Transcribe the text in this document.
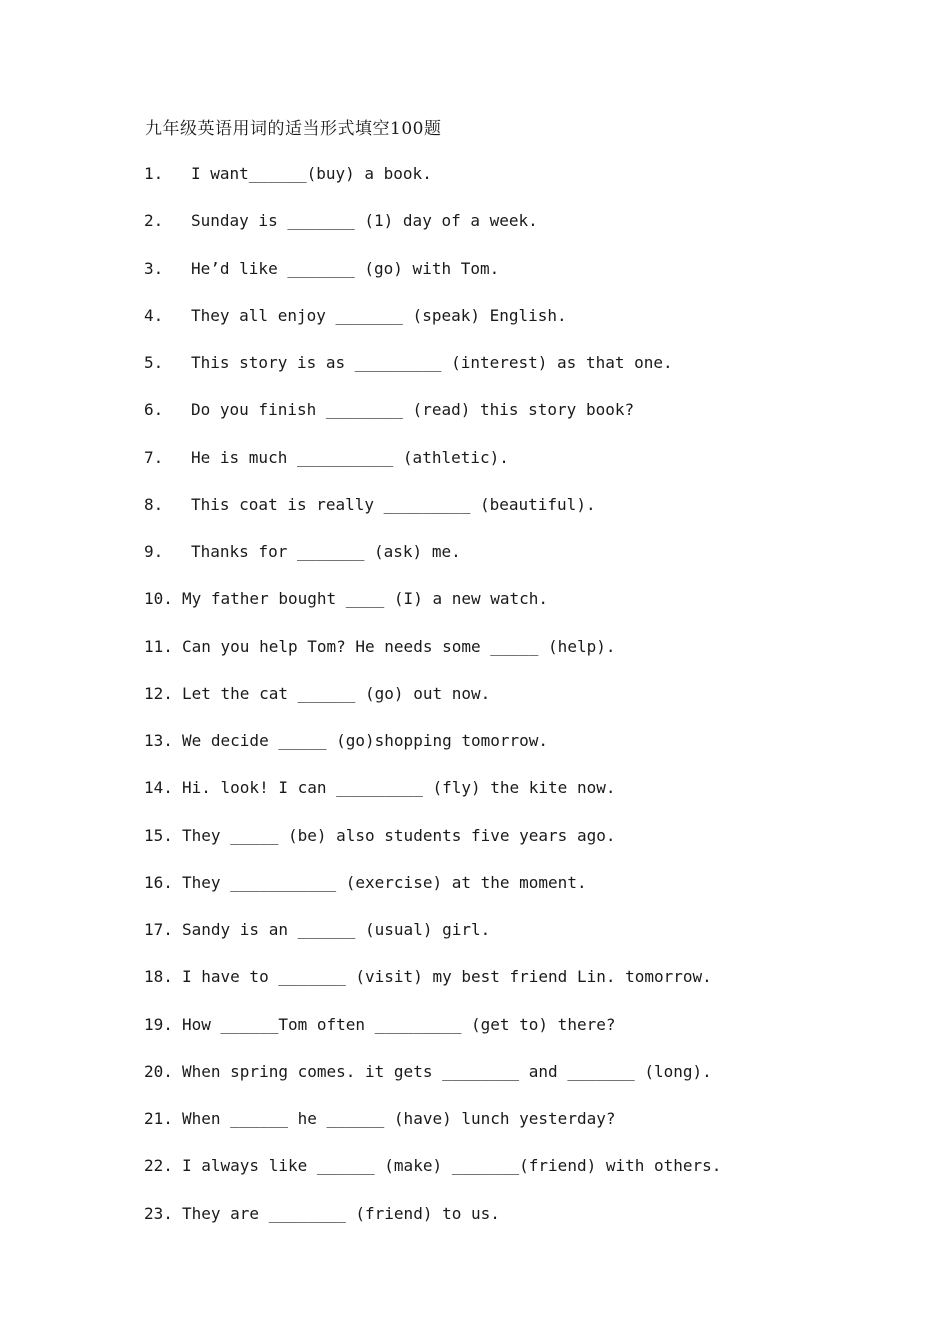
九年级英语用词的适当形式填空100题
1.	I want______(buy) a book.
2.	Sunday is _______ (1) day of a week.
3.	He’d like _______ (go) with Tom.
4.	They all enjoy _______ (speak) English.
5.	This story is as _________ (interest) as that one.
6.	Do you finish ________ (read) this story book?
7.	He is much __________ (athletic).
8.	This coat is really _________ (beautiful).
9.	Thanks for _______ (ask) me.
10. My father bought ____ (I) a new watch.
11. Can you help Tom? He needs some _____ (help).
12. Let the cat ______ (go) out now.
13. We decide _____ (go)shopping tomorrow.
14. Hi. look! I can _________ (fly) the kite now.
15. They _____ (be) also students five years ago.
16. They ___________ (exercise) at the moment.
17. Sandy is an ______ (usual) girl.
18. I have to _______ (visit) my best friend Lin. tomorrow.
19. How ______Tom often _________ (get to) there?
20. When spring comes. it gets ________ and _______ (long).
21. When ______ he ______ (have) lunch yesterday?
22. I always like ______ (make) _______(friend) with others.
23. They are ________ (friend) to us.
